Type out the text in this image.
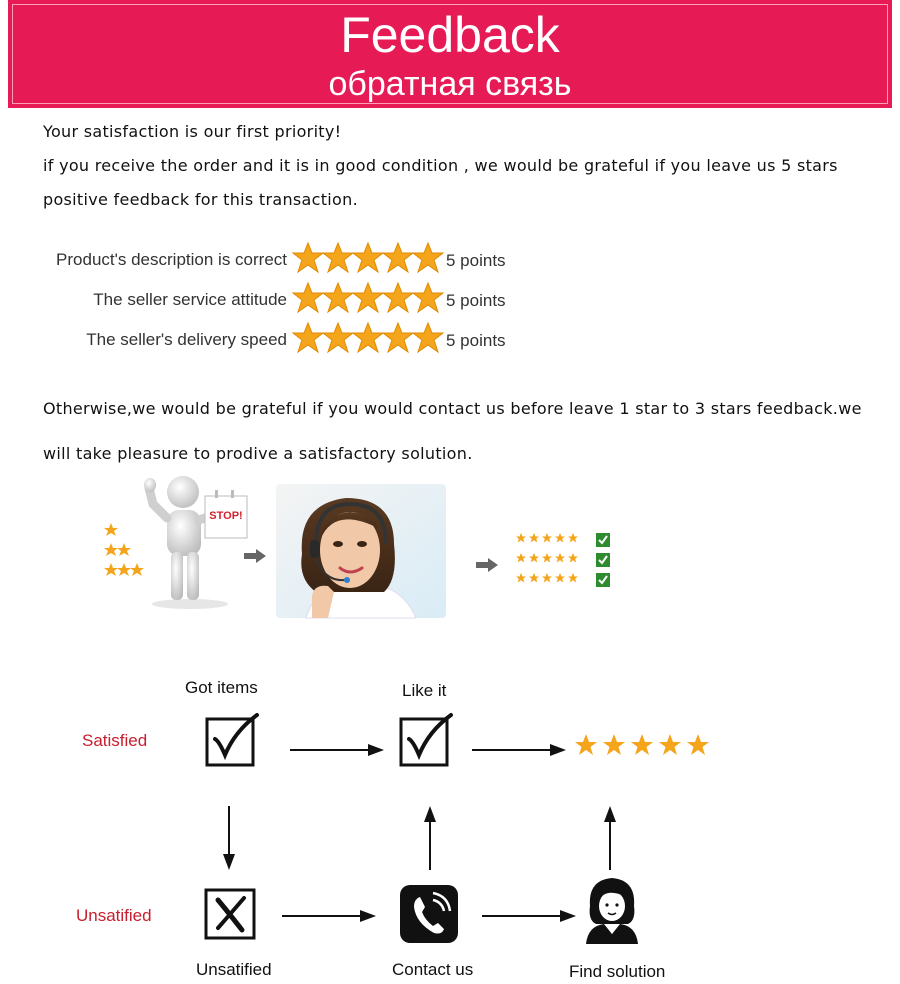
Feedback
обратная связь
Your satisfaction is our first priority!
if you receive the order and it is in good condition , we would be grateful if you leave us 5 stars
positive feedback for this transaction.
Product's description is correct	5 points
The seller service attitude	5 points
The seller's delivery speed	5 points
Otherwise,we would be grateful if you would contact us before leave 1 star to 3 stars feedback.we
will take pleasure to prodive a satisfactory solution.
STOP!
Got items	Like it
Satisfied
Unsatified
Unsatified	Contact us	Find solution
